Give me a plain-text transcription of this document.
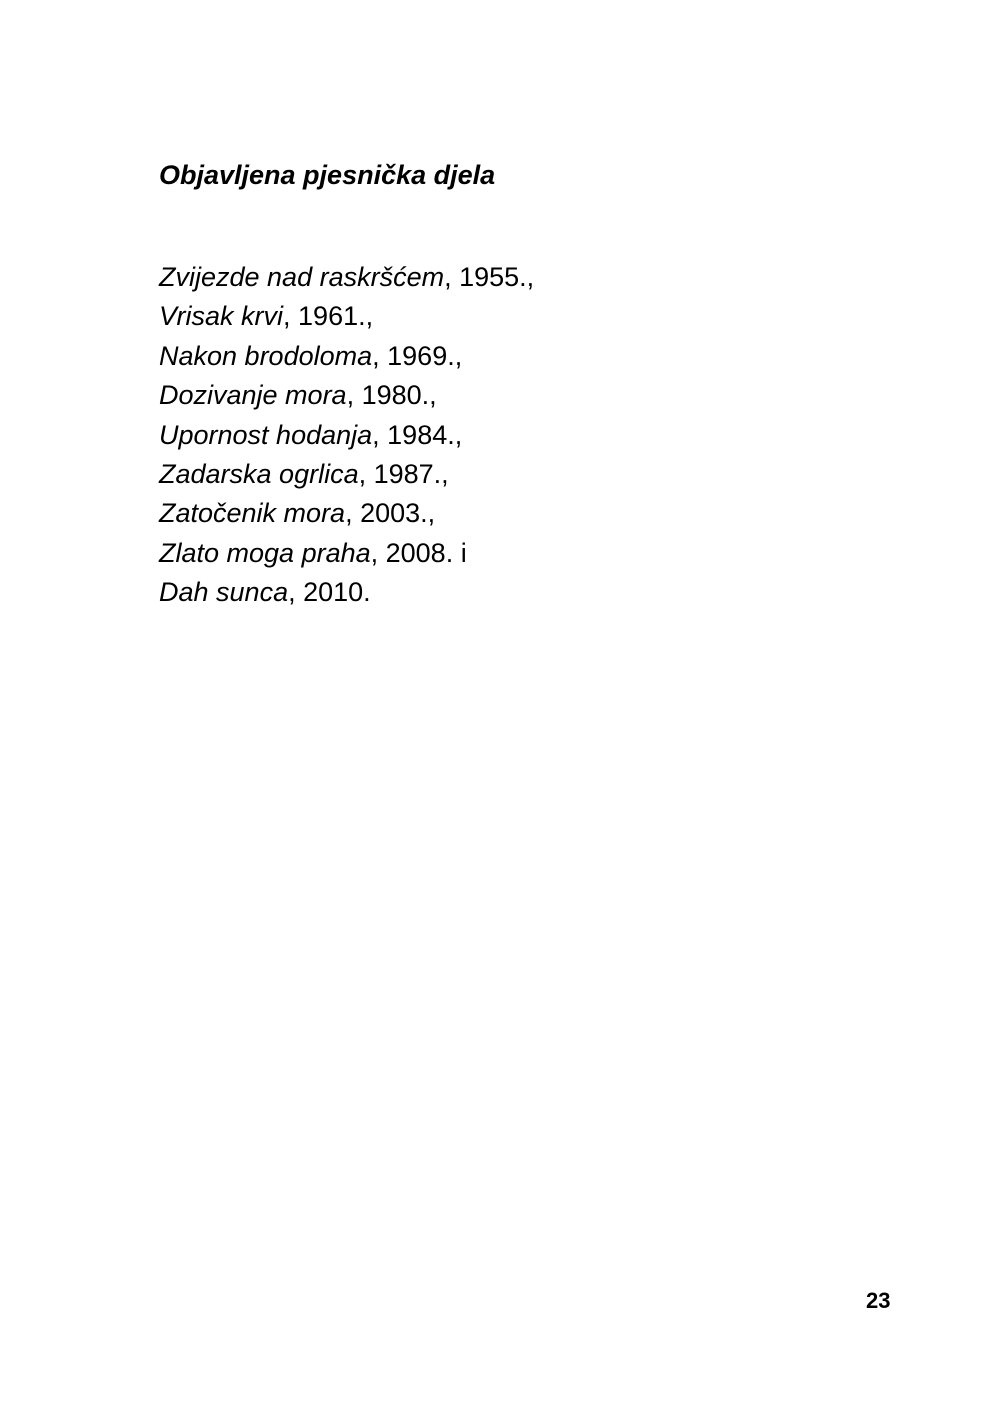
Objavljena pjesnička djela
Zvijezde nad raskršćem, 1955.,
Vrisak krvi, 1961.,
Nakon brodoloma, 1969.,
Dozivanje mora, 1980.,
Upornost hodanja, 1984.,
Zadarska ogrlica, 1987.,
Zatočenik mora, 2003.,
Zlato moga praha, 2008. i
Dah sunca, 2010.
23
